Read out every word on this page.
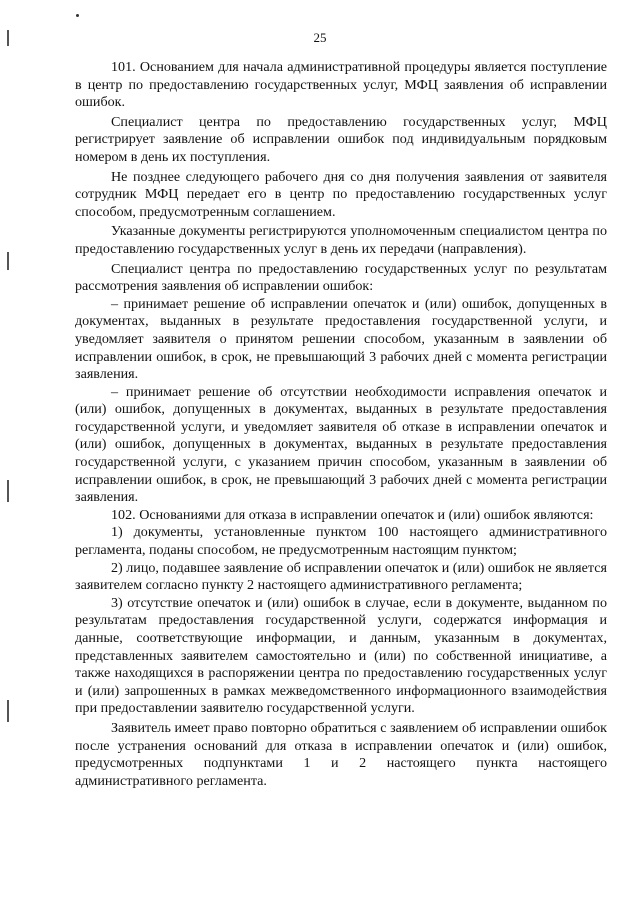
25

101. Основанием для начала административной процедуры является поступление в центр по предоставлению государственных услуг, МФЦ заявления об исправлении ошибок.

Специалист центра по предоставлению государственных услуг, МФЦ регистрирует заявление об исправлении ошибок под индивидуальным порядковым номером в день их поступления.

Не позднее следующего рабочего дня со дня получения заявления от заявителя сотрудник МФЦ передает его в центр по предоставлению государственных услуг способом, предусмотренным соглашением.

Указанные документы регистрируются уполномоченным специалистом центра по предоставлению государственных услуг в день их передачи (направления).

Специалист центра по предоставлению государственных услуг по результатам рассмотрения заявления об исправлении ошибок:

– принимает решение об исправлении опечаток и (или) ошибок, допущенных в документах, выданных в результате предоставления государственной услуги, и уведомляет заявителя о принятом решении способом, указанным в заявлении об исправлении ошибок, в срок, не превышающий 3 рабочих дней с момента регистрации заявления.

– принимает решение об отсутствии необходимости исправления опечаток и (или) ошибок, допущенных в документах, выданных в результате предоставления государственной услуги, и уведомляет заявителя об отказе в исправлении опечаток и (или) ошибок, допущенных в документах, выданных в результате предоставления государственной услуги, с указанием причин способом, указанным в заявлении об исправлении ошибок, в срок, не превышающий 3 рабочих дней с момента регистрации заявления.

102. Основаниями для отказа в исправлении опечаток и (или) ошибок являются:

1) документы, установленные пунктом 100 настоящего административного регламента, поданы способом, не предусмотренным настоящим пунктом;

2) лицо, подавшее заявление об исправлении опечаток и (или) ошибок не является заявителем согласно пункту 2 настоящего административного регламента;

3) отсутствие опечаток и (или) ошибок в случае, если в документе, выданном по результатам предоставления государственной услуги, содержатся информация и данные, соответствующие информации, и данным, указанным в документах, представленных заявителем самостоятельно и (или) по собственной инициативе, а также находящихся в распоряжении центра по предоставлению государственных услуг и (или) запрошенных в рамках межведомственного информационного взаимодействия при предоставлении заявителю государственной услуги.

Заявитель имеет право повторно обратиться с заявлением об исправлении ошибок после устранения оснований для отказа в исправлении опечаток и (или) ошибок, предусмотренных подпунктами 1 и 2 настоящего пункта настоящего административного регламента.
